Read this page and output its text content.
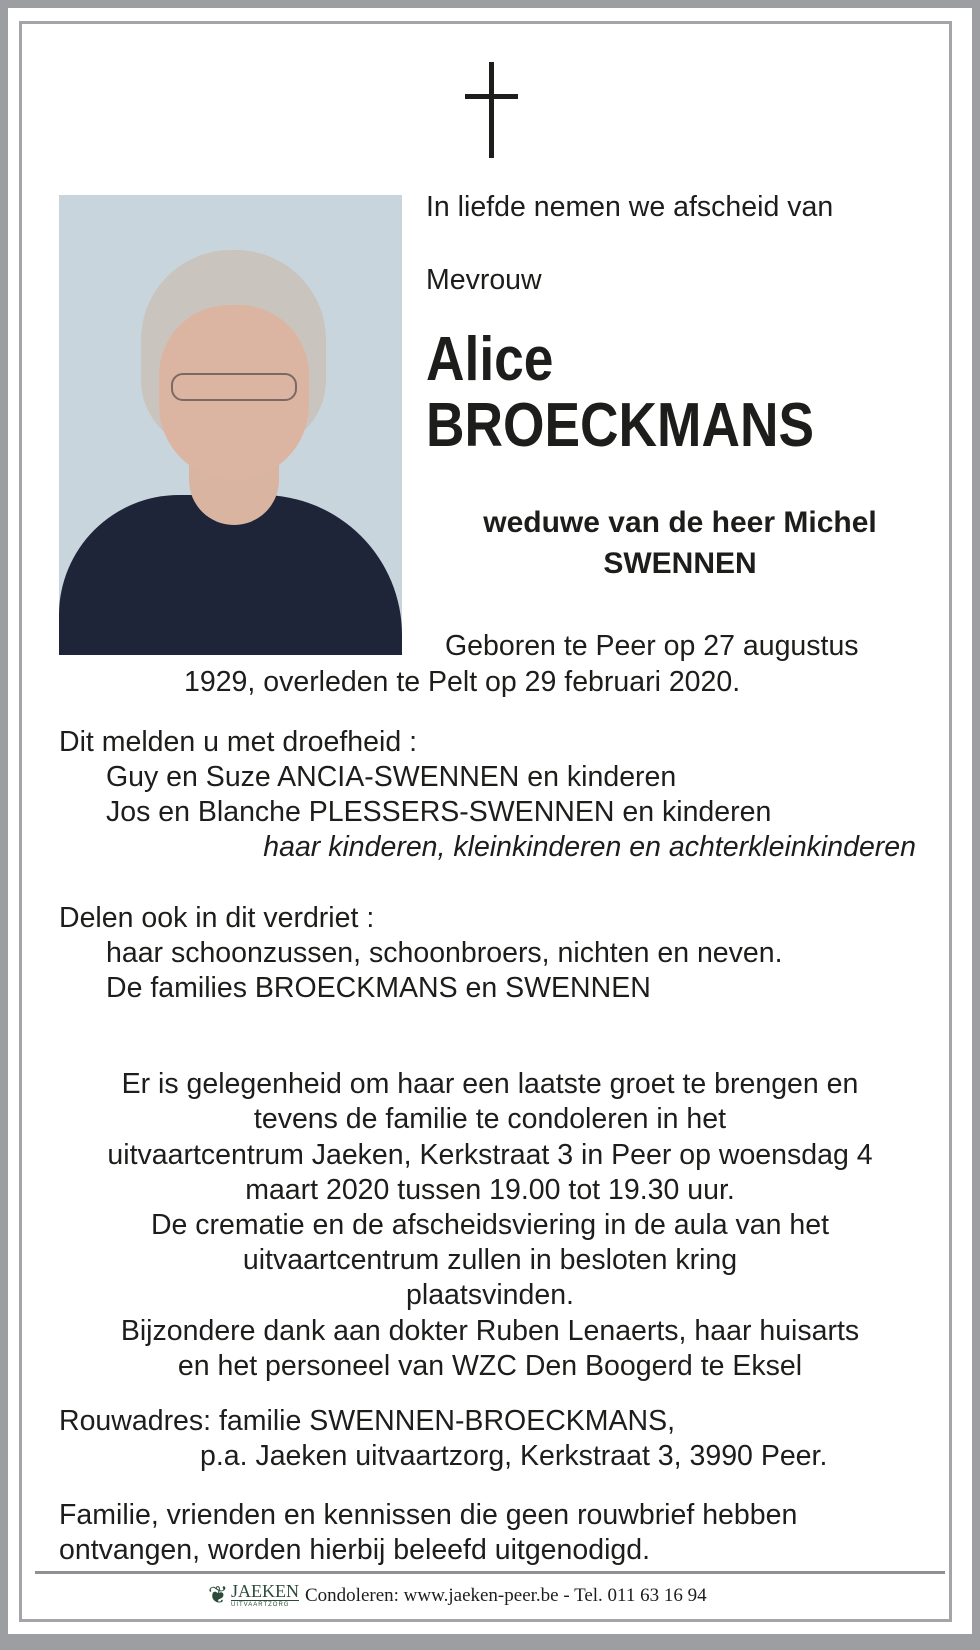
In liefde nemen we afscheid van
Mevrouw
Alice
BROECKMANS
weduwe van de heer Michel
SWENNEN
Geboren te Peer op 27 augustus
1929, overleden te Pelt op 29 februari 2020.
Dit melden u met droefheid :
Guy en Suze ANCIA-SWENNEN en kinderen
Jos en Blanche PLESSERS-SWENNEN en kinderen
haar kinderen, kleinkinderen en achterkleinkinderen
Delen ook in dit verdriet :
haar schoonzussen, schoonbroers, nichten en neven.
De families BROECKMANS en SWENNEN
Er is gelegenheid om haar een laatste groet te brengen en
tevens de familie te condoleren in het
uitvaartcentrum Jaeken, Kerkstraat 3 in Peer op woensdag 4
maart 2020 tussen 19.00 tot 19.30 uur.
De crematie en de afscheidsviering in de aula van het
uitvaartcentrum zullen in besloten kring
plaatsvinden.
Bijzondere dank aan dokter Ruben Lenaerts, haar huisarts
en het personeel van WZC Den Boogerd te Eksel
Rouwadres: familie SWENNEN-BROECKMANS,
p.a. Jaeken uitvaartzorg, Kerkstraat 3, 3990 Peer.
Familie, vrienden en kennissen die geen rouwbrief hebben
ontvangen, worden hierbij beleefd uitgenodigd.
❦ JAEKEN
UITVAARTZORG Condoleren: www.jaeken-peer.be - Tel. 011 63 16 94
